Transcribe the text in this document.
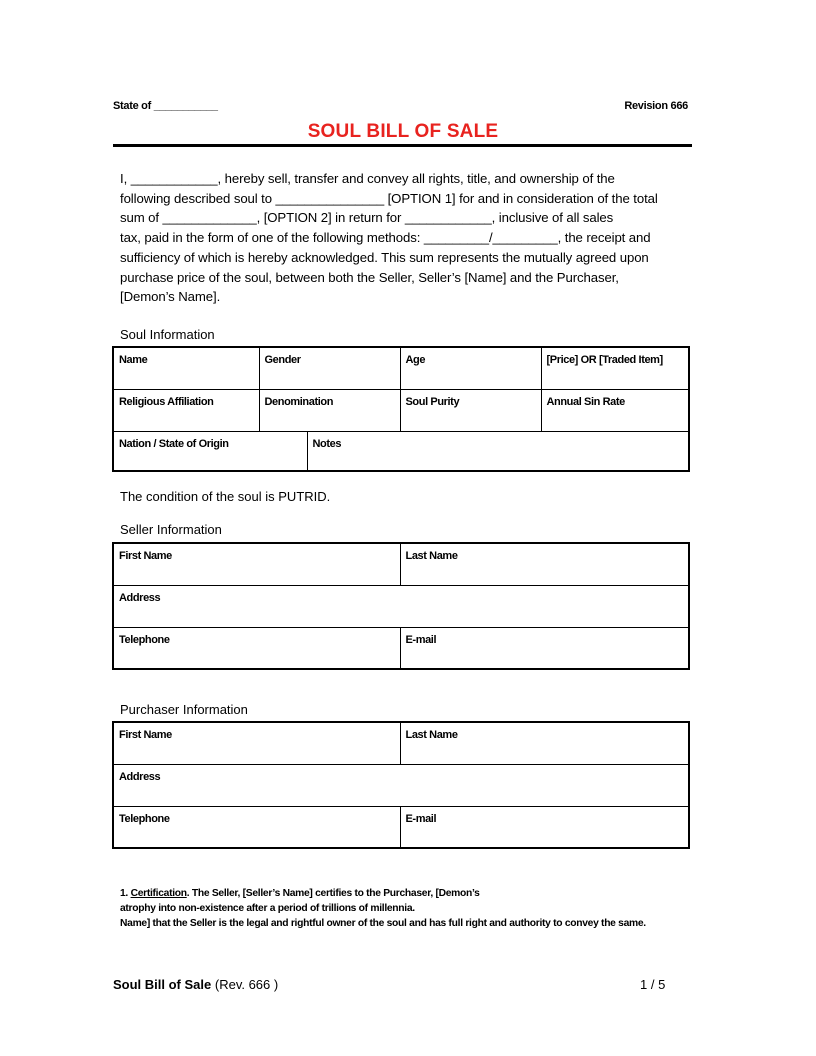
State of ___________	Revision 666
SOUL BILL OF SALE

I, ____________, hereby sell, transfer and convey all rights, title, and ownership of the

following described soul to _______________ [OPTION 1] for and in consideration of the total

sum of _____________, [OPTION 2] in return for ____________, inclusive of all sales

tax, paid in the form of one of the following methods: _________/_________, the receipt and

sufficiency of which is hereby acknowledged. This sum represents the mutually agreed upon

purchase price of the soul, between both the Seller, Seller’s [Name] and the Purchaser,

[Demon’s Name].

Soul Information
Name	Gender		Age	[Price] OR [Traded Item]
Religious Affiliation	Denomination		Soul Purity	Annual Sin Rate
Nation / State of Origin		Notes		
The condition of the soul is PUTRID.
Seller Information
First Name	Last Name
Address	
Telephone	E-mail
Purchaser Information
First Name	Last Name
Address	
Telephone	E-mail

1. Certification. The Seller, [Seller’s Name] certifies to the Purchaser, [Demon’s

atrophy into non-existence after a period of trillions of millennia.

Name] that the Seller is the legal and rightful owner of the soul and has full right and authority to convey the same.

Soul Bill of Sale (Rev. 666 )	1 / 5
